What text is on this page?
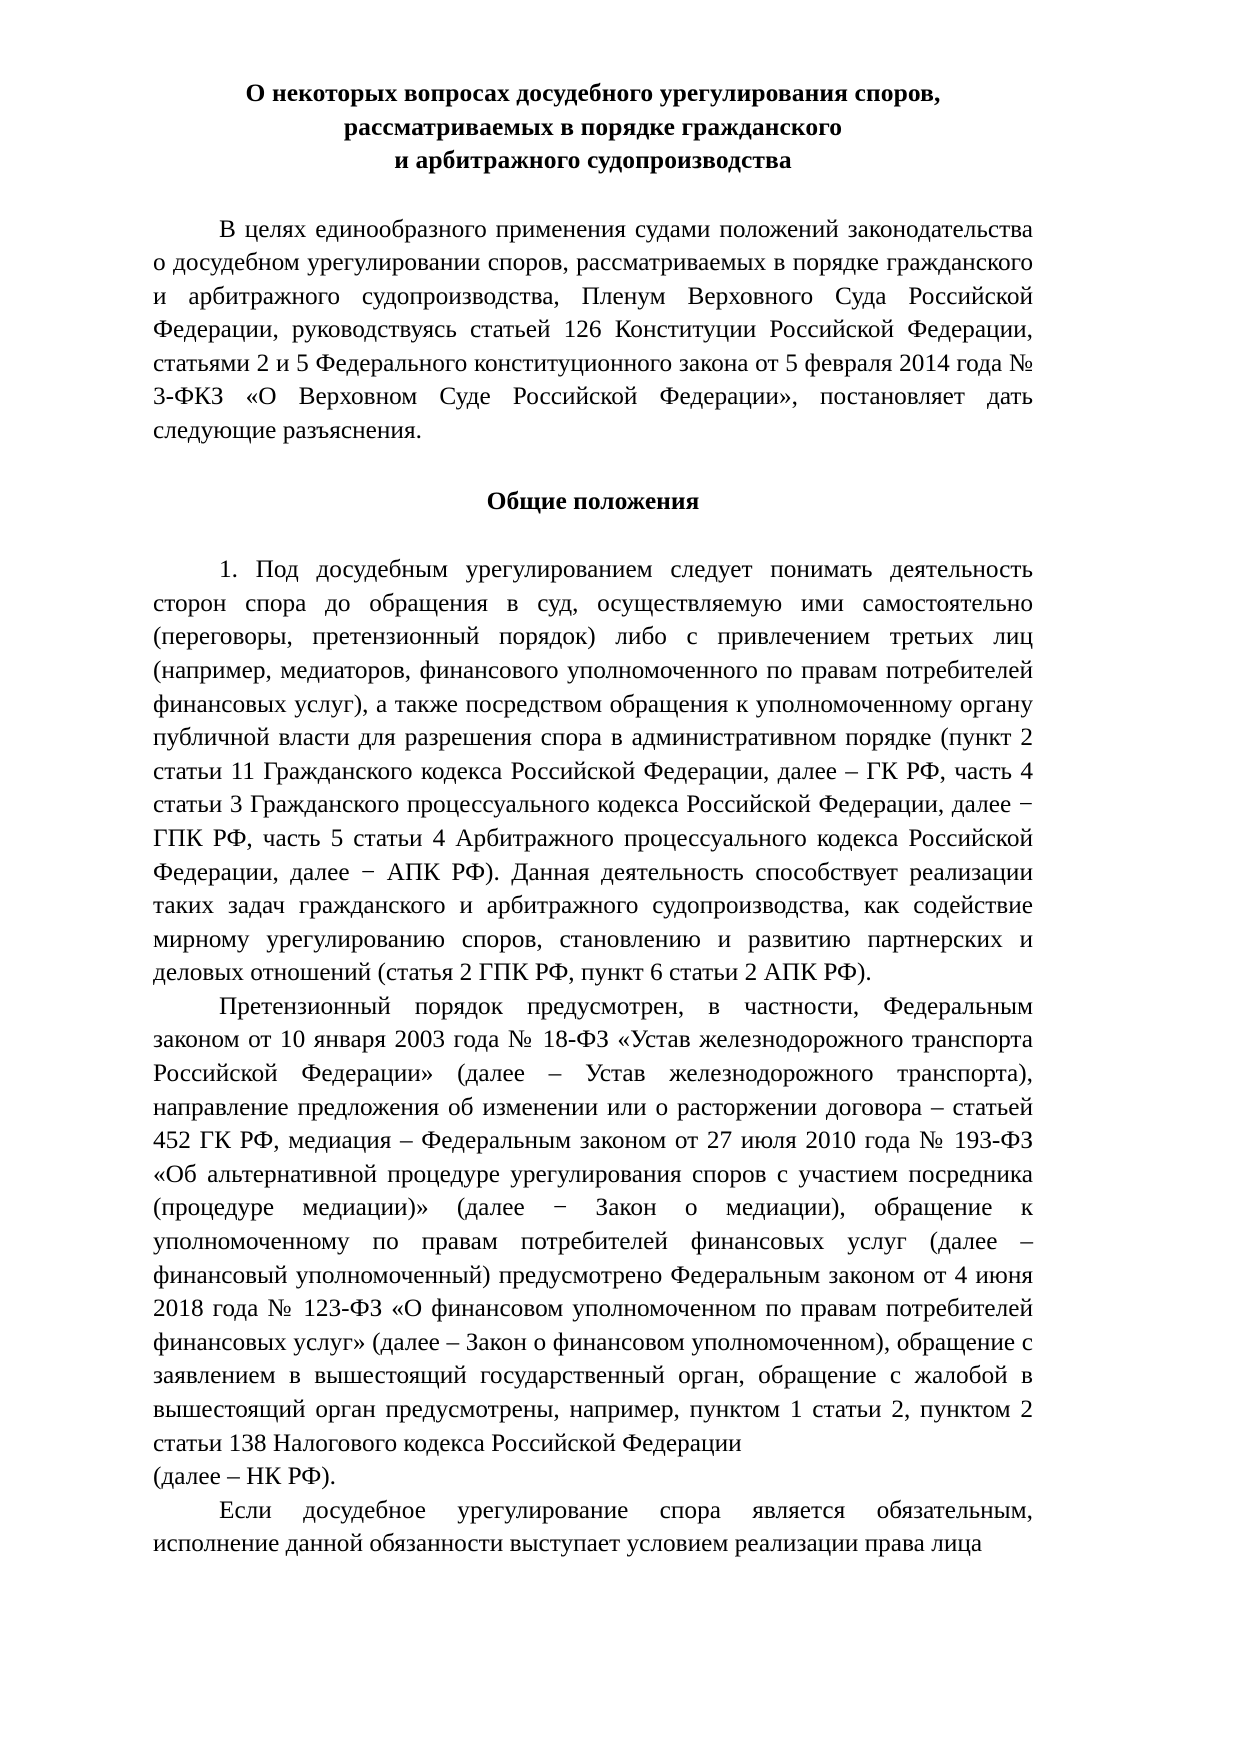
О некоторых вопросах досудебного урегулирования споров,
рассматриваемых в порядке гражданского
и арбитражного судопроизводства

В целях единообразного применения судами положений законодательства о досудебном урегулировании споров, рассматриваемых в порядке гражданского и арбитражного судопроизводства, Пленум Верховного Суда Российской Федерации, руководствуясь статьей 126 Конституции Российской Федерации, статьями 2 и 5 Федерального конституционного закона от 5 февраля 2014 года № 3-ФКЗ «О Верховном Суде Российской Федерации», постановляет дать следующие разъяснения.

Общие положения

1. Под досудебным урегулированием следует понимать деятельность сторон спора до обращения в суд, осуществляемую ими самостоятельно (переговоры, претензионный порядок) либо с привлечением третьих лиц (например, медиаторов, финансового уполномоченного по правам потребителей финансовых услуг), а также посредством обращения к уполномоченному органу публичной власти для разрешения спора в административном порядке (пункт 2 статьи 11 Гражданского кодекса Российской Федерации, далее – ГК РФ, часть 4 статьи 3 Гражданского процессуального кодекса Российской Федерации, далее − ГПК РФ, часть 5 статьи 4 Арбитражного процессуального кодекса Российской Федерации, далее − АПК РФ). Данная деятельность способствует реализации таких задач гражданского и арбитражного судопроизводства, как содействие мирному урегулированию споров, становлению и развитию партнерских и деловых отношений (статья 2 ГПК РФ, пункт 6 статьи 2 АПК РФ).

Претензионный порядок предусмотрен, в частности, Федеральным законом от 10 января 2003 года № 18-ФЗ «Устав железнодорожного транспорта Российской Федерации» (далее – Устав железнодорожного транспорта), направление предложения об изменении или о расторжении договора – статьей 452 ГК РФ, медиация – Федеральным законом от 27 июля 2010 года № 193-ФЗ «Об альтернативной процедуре урегулирования споров с участием посредника (процедуре медиации)» (далее − Закон о медиации), обращение к уполномоченному по правам потребителей финансовых услуг (далее – финансовый уполномоченный) предусмотрено Федеральным законом от 4 июня 2018 года № 123-ФЗ «О финансовом уполномоченном по правам потребителей финансовых услуг» (далее – Закон о финансовом уполномоченном), обращение с заявлением в вышестоящий государственный орган, обращение с жалобой в вышестоящий орган предусмотрены, например, пунктом 1 статьи 2, пунктом 2 статьи 138 Налогового кодекса Российской Федерации

(далее – НК РФ).

Если досудебное урегулирование спора является обязательным, исполнение данной обязанности выступает условием реализации права лица
